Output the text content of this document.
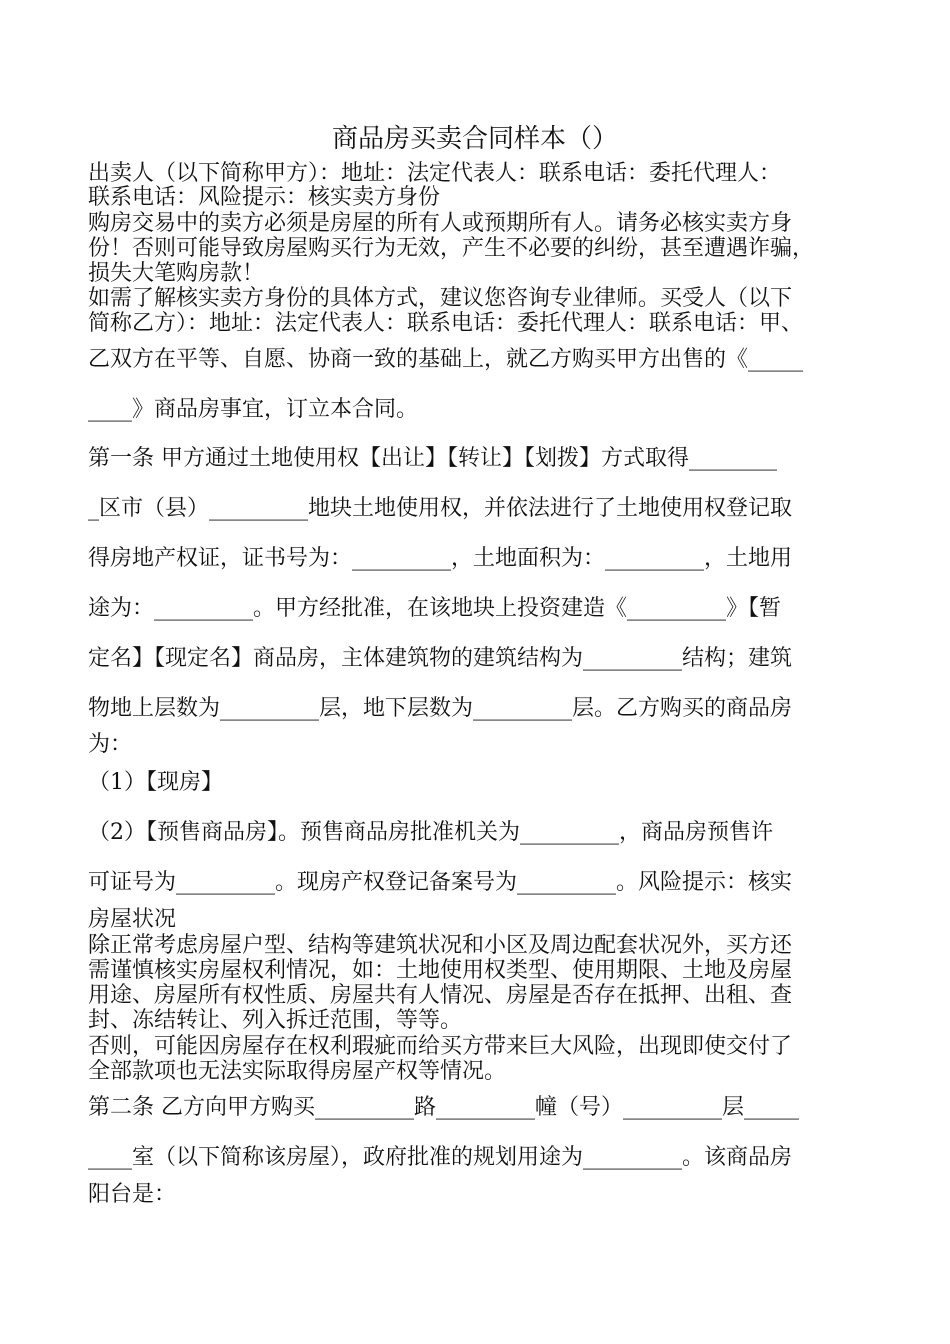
商品房买卖合同样本（）
出卖人（以下简称甲方）：地址：法定代表人：联系电话：委托代理人：
联系电话：风险提示：核实卖方身份
购房交易中的卖方必须是房屋的所有人或预期所有人。请务必核实卖方身
份！否则可能导致房屋购买行为无效，产生不必要的纠纷，甚至遭遇诈骗，
损失大笔购房款！
如需了解核实卖方身份的具体方式，建议您咨询专业律师。买受人（以下
简称乙方）：地址：法定代表人：联系电话：委托代理人：联系电话：甲、
乙双方在平等、自愿、协商一致的基础上，就乙方购买甲方出售的《_____
____》商品房事宜，订立本合同。
第一条 甲方通过土地使用权【出让】【转让】【划拨】方式取得________
_区市（县）_________地块土地使用权，并依法进行了土地使用权登记取
得房地产权证，证书号为：_________，土地面积为：_________，土地用
途为：_________。甲方经批准，在该地块上投资建造《_________》【暂
定名】【现定名】商品房，主体建筑物的建筑结构为_________结构；建筑
物地上层数为_________层，地下层数为_________层。乙方购买的商品房
为：
（1）【现房】
（2）【预售商品房】。预售商品房批准机关为_________，商品房预售许
可证号为_________。现房产权登记备案号为_________。风险提示：核实
房屋状况
除正常考虑房屋户型、结构等建筑状况和小区及周边配套状况外，买方还
需谨慎核实房屋权利情况，如：土地使用权类型、使用期限、土地及房屋
用途、房屋所有权性质、房屋共有人情况、房屋是否存在抵押、出租、查
封、冻结转让、列入拆迁范围，等等。
否则，可能因房屋存在权利瑕疵而给买方带来巨大风险，出现即使交付了
全部款项也无法实际取得房屋产权等情况。
第二条 乙方向甲方购买_________路_________幢（号）_________层_____
____室（以下简称该房屋），政府批准的规划用途为_________。该商品房
阳台是：
